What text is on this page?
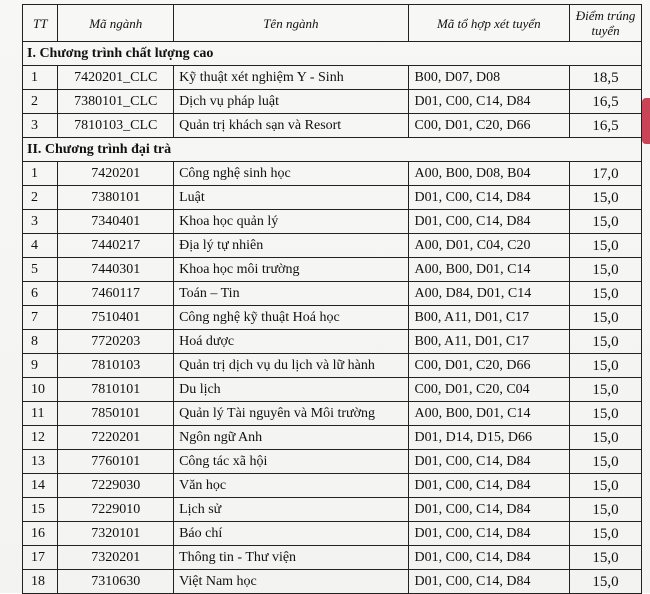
TT	Mã ngành	Tên ngành	Mã tổ hợp xét tuyển	Điểm trúng tuyển
I. Chương trình chất lượng cao				
1	7420201_CLC	Kỹ thuật xét nghiệm Y - Sinh	B00, D07, D08	18,5
2	7380101_CLC	Dịch vụ pháp luật	D01, C00, C14, D84	16,5
3	7810103_CLC	Quản trị khách sạn và Resort	C00, D01, C20, D66	16,5
II. Chương trình đại trà				
1	7420201	Công nghệ sinh học	A00, B00, D08, B04	17,0
2	7380101	Luật	D01, C00, C14, D84	15,0
3	7340401	Khoa học quản lý	D01, C00, C14, D84	15,0
4	7440217	Địa lý tự nhiên	A00, D01, C04, C20	15,0
5	7440301	Khoa học môi trường	A00, B00, D01, C14	15,0
6	7460117	Toán – Tin	A00, D84, D01, C14	15,0
7	7510401	Công nghệ kỹ thuật Hoá học	B00, A11, D01, C17	15,0
8	7720203	Hoá dược	B00, A11, D01, C17	15,0
9	7810103	Quản trị dịch vụ du lịch và lữ hành	C00, D01, C20, D66	15,0
10	7810101	Du lịch	C00, D01, C20, C04	15,0
11	7850101	Quản lý Tài nguyên và Môi trường	A00, B00, D01, C14	15,0
12	7220201	Ngôn ngữ Anh	D01, D14, D15, D66	15,0
13	7760101	Công tác xã hội	D01, C00, C14, D84	15,0
14	7229030	Văn học	D01, C00, C14, D84	15,0
15	7229010	Lịch sử	D01, C00, C14, D84	15,0
16	7320101	Báo chí	D01, C00, C14, D84	15,0
17	7320201	Thông tin - Thư viện	D01, C00, C14, D84	15,0
18	7310630	Việt Nam học	D01, C00, C14, D84	15,0
